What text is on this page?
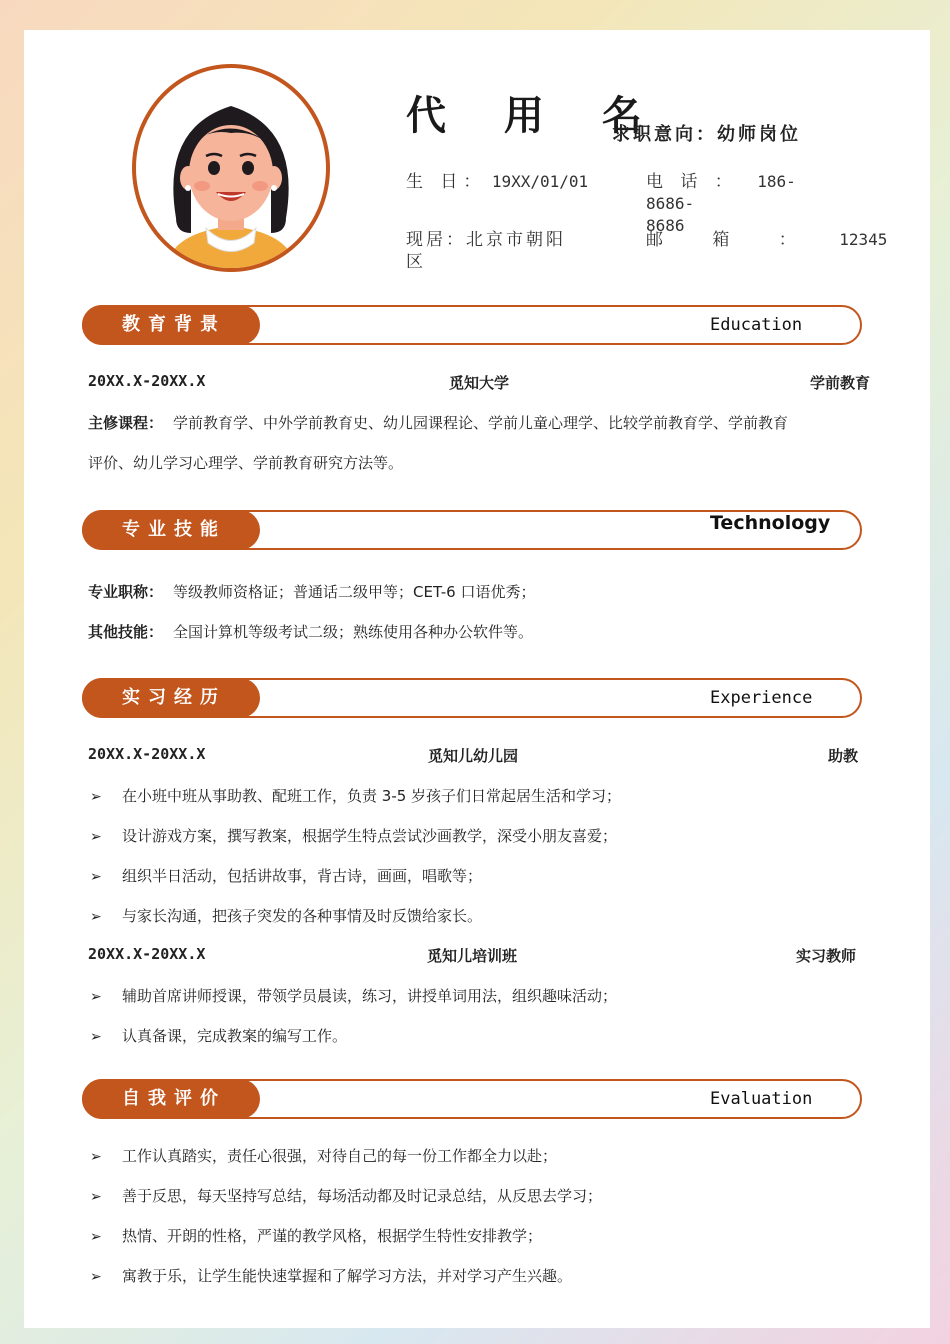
代 用 名
求职意向：幼师岗位
生 日： 19XX/01/01	电 话 ： 186-8686-
8686
现居：北京市朝阳
区
邮 箱 ： 12345
教育背景	Education
20XX.X-20XX.X	觅知大学	学前教育
主修课程： 学前教育学、中外学前教育史、幼儿园课程论、学前儿童心理学、比较学前教育学、学前教育
评价、幼儿学习心理学、学前教育研究方法等。
专业技能	Technology
专业职称： 等级教师资格证；普通话二级甲等；CET-6 口语优秀；
其他技能： 全国计算机等级考试二级；熟练使用各种办公软件等。
实习经历	Experience
20XX.X-20XX.X	觅知儿幼儿园	助教
➢ 在小班中班从事助教、配班工作，负责 3-5 岁孩子们日常起居生活和学习；
➢ 设计游戏方案，撰写教案，根据学生特点尝试沙画教学，深受小朋友喜爱；
➢ 组织半日活动，包括讲故事，背古诗，画画，唱歌等；
➢ 与家长沟通，把孩子突发的各种事情及时反馈给家长。
20XX.X-20XX.X	觅知儿培训班	实习教师
➢ 辅助首席讲师授课，带领学员晨读，练习，讲授单词用法，组织趣味活动；
➢ 认真备课，完成教案的编写工作。
自我评价	Evaluation
➢ 工作认真踏实，责任心很强，对待自己的每一份工作都全力以赴；
➢ 善于反思，每天坚持写总结，每场活动都及时记录总结，从反思去学习；
➢ 热情、开朗的性格，严谨的教学风格，根据学生特性安排教学；
➢ 寓教于乐，让学生能快速掌握和了解学习方法，并对学习产生兴趣。
